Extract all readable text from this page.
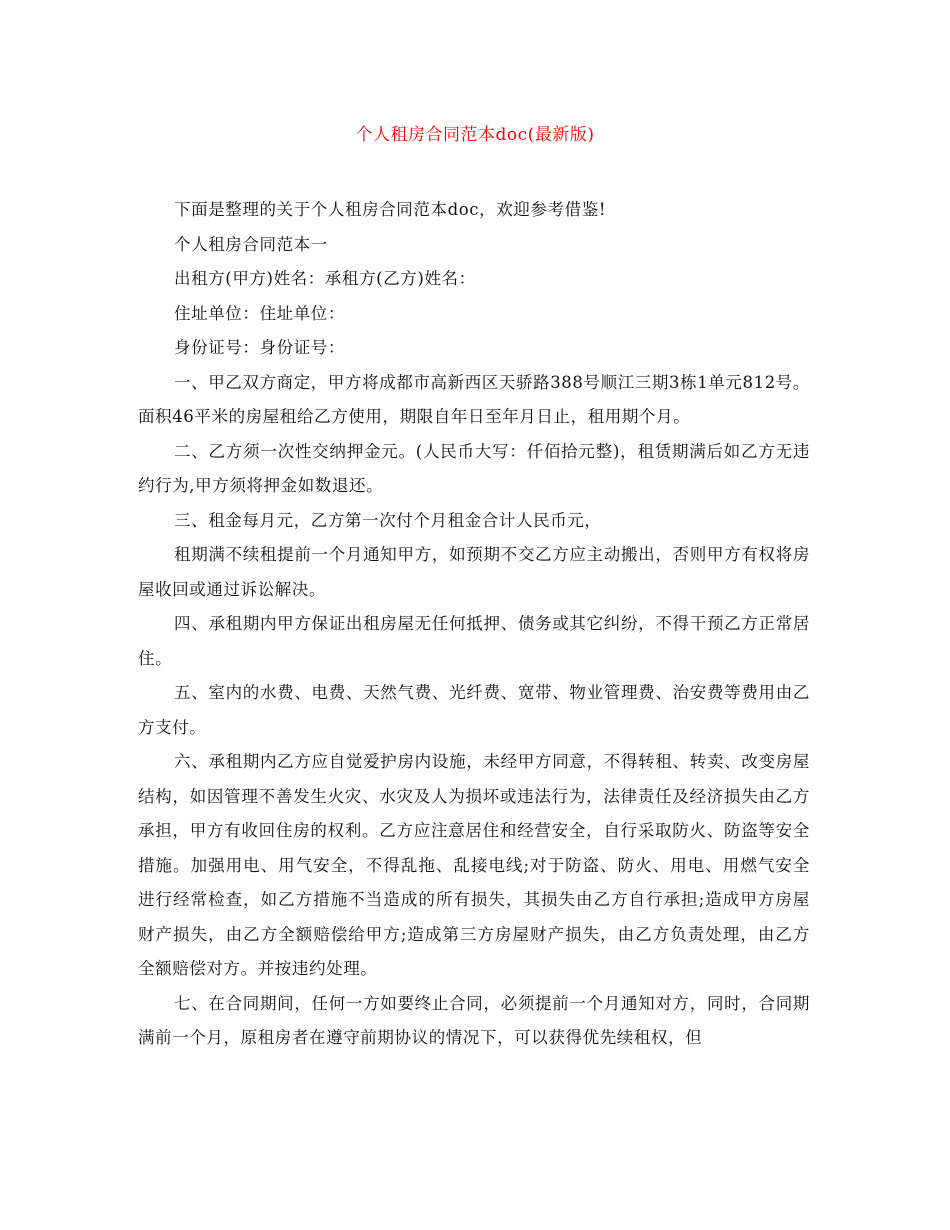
个人租房合同范本doc(最新版)

下面是整理的关于个人租房合同范本doc，欢迎参考借鉴!

个人租房合同范本一

出租方(甲方)姓名：承租方(乙方)姓名：

住址单位：住址单位：

身份证号：身份证号：

一、甲乙双方商定，甲方将成都市高新西区天骄路388号顺江三期3栋1单元812号。面积46平米的房屋租给乙方使用，期限自年日至年月日止，租用期个月。

二、乙方须一次性交纳押金元。(人民币大写：仟佰拾元整)，租赁期满后如乙方无违约行为,甲方须将押金如数退还。

三、租金每月元，乙方第一次付个月租金合计人民币元，

租期满不续租提前一个月通知甲方，如预期不交乙方应主动搬出，否则甲方有权将房屋收回或通过诉讼解决。

四、承租期内甲方保证出租房屋无任何抵押、债务或其它纠纷，不得干预乙方正常居住。

五、室内的水费、电费、天然气费、光纤费、宽带、物业管理费、治安费等费用由乙方支付。

六、承租期内乙方应自觉爱护房内设施，未经甲方同意，不得转租、转卖、改变房屋结构，如因管理不善发生火灾、水灾及人为损坏或违法行为，法律责任及经济损失由乙方承担，甲方有收回住房的权利。乙方应注意居住和经营安全，自行采取防火、防盗等安全措施。加强用电、用气安全，不得乱拖、乱接电线;对于防盗、防火、用电、用燃气安全进行经常检查，如乙方措施不当造成的所有损失，其损失由乙方自行承担;造成甲方房屋财产损失，由乙方全额赔偿给甲方;造成第三方房屋财产损失，由乙方负责处理，由乙方全额赔偿对方。并按违约处理。

七、在合同期间，任何一方如要终止合同，必须提前一个月通知对方，同时，合同期满前一个月，原租房者在遵守前期协议的情况下，可以获得优先续租权，但
